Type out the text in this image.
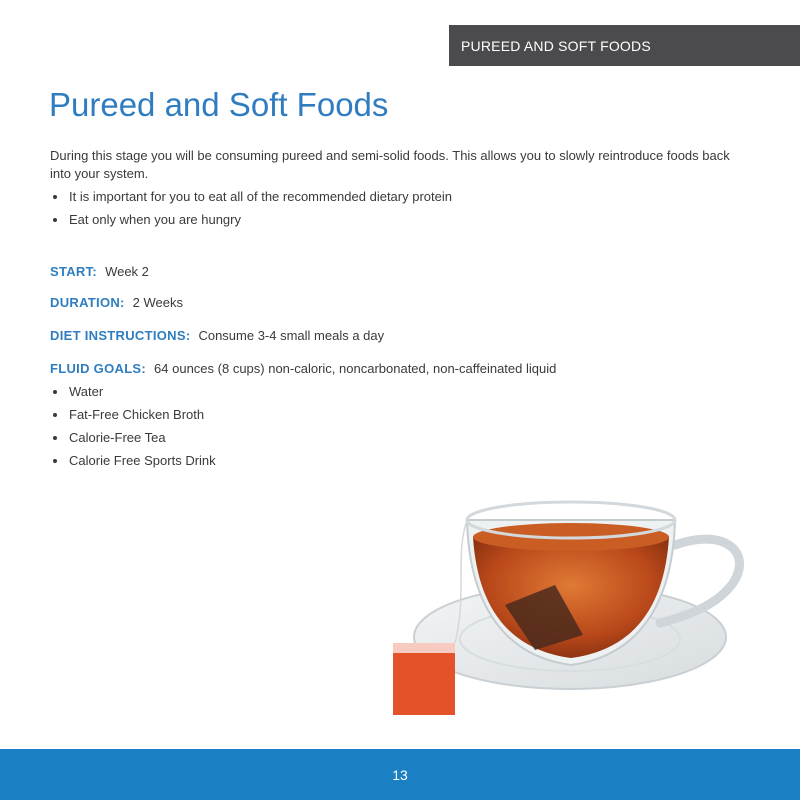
PUREED AND SOFT FOODS
Pureed and Soft Foods

During this stage you will be consuming pureed and semi-solid foods. This allows you to slowly reintroduce foods back into your system.

It is important for you to eat all of the recommended dietary protein
Eat only when you are hungry
START: Week 2
DURATION: 2 Weeks
DIET INSTRUCTIONS: Consume 3-4 small meals a day
FLUID GOALS: 64 ounces (8 cups) non-caloric, noncarbonated, non-caffeinated liquid
Water
Fat-Free Chicken Broth
Calorie-Free Tea
Calorie Free Sports Drink
13
